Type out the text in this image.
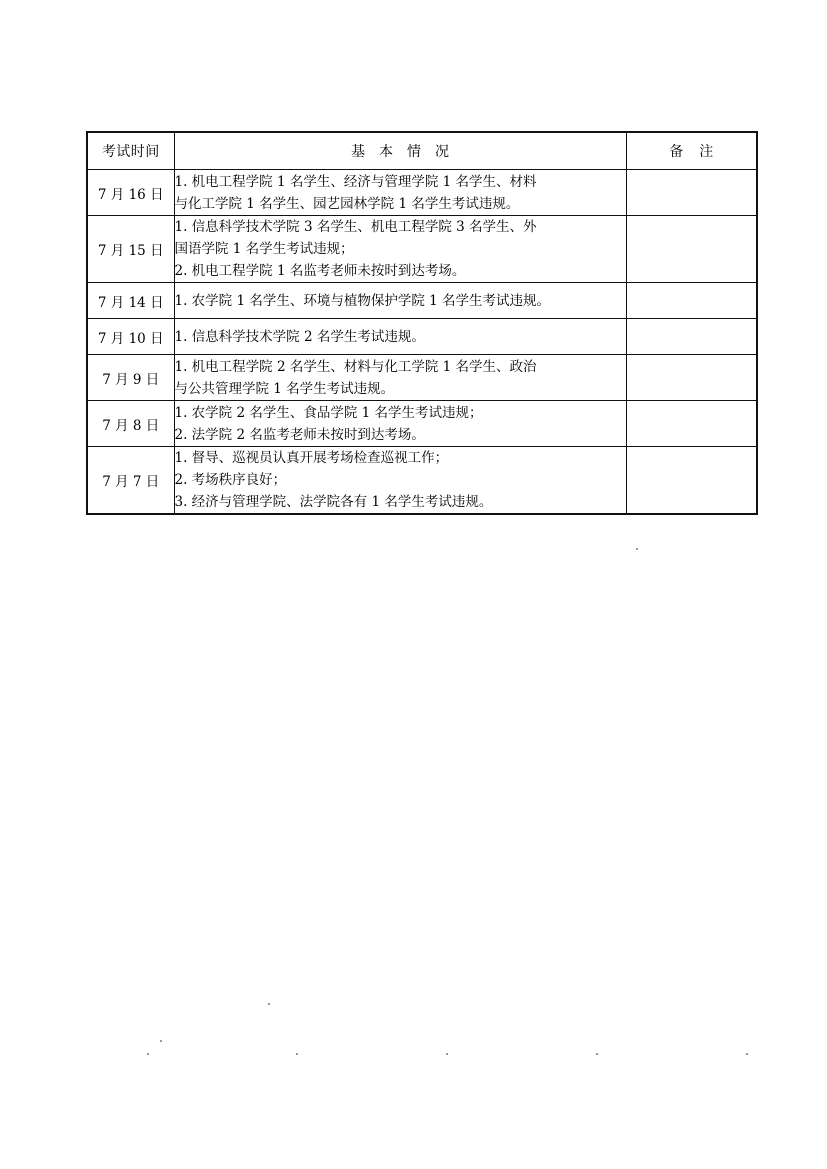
考试时间	基本情况	备注
7 月 16 日	1. 机电工程学院 1 名学生、经济与管理学院 1 名学生、材料
与化工学院 1 名学生、园艺园林学院 1 名学生考试违规。	

7 月 15 日	1. 信息科学技术学院 3 名学生、机电工程学院 3 名学生、外
国语学院 1 名学生考试违规；
2. 机电工程学院 1 名监考老师未按时到达考场。	

7 月 14 日	1. 农学院 1 名学生、环境与植物保护学院 1 名学生考试违规。	

7 月 10 日	1. 信息科学技术学院 2 名学生考试违规。	

7 月 9 日	1. 机电工程学院 2 名学生、材料与化工学院 1 名学生、政治
与公共管理学院 1 名学生考试违规。	

7 月 8 日	1. 农学院 2 名学生、食品学院 1 名学生考试违规；
2. 法学院 2 名监考老师未按时到达考场。	

7 月 7 日	1. 督导、巡视员认真开展考场检查巡视工作；
2. 考场秩序良好；
3. 经济与管理学院、法学院各有 1 名学生考试违规。	
